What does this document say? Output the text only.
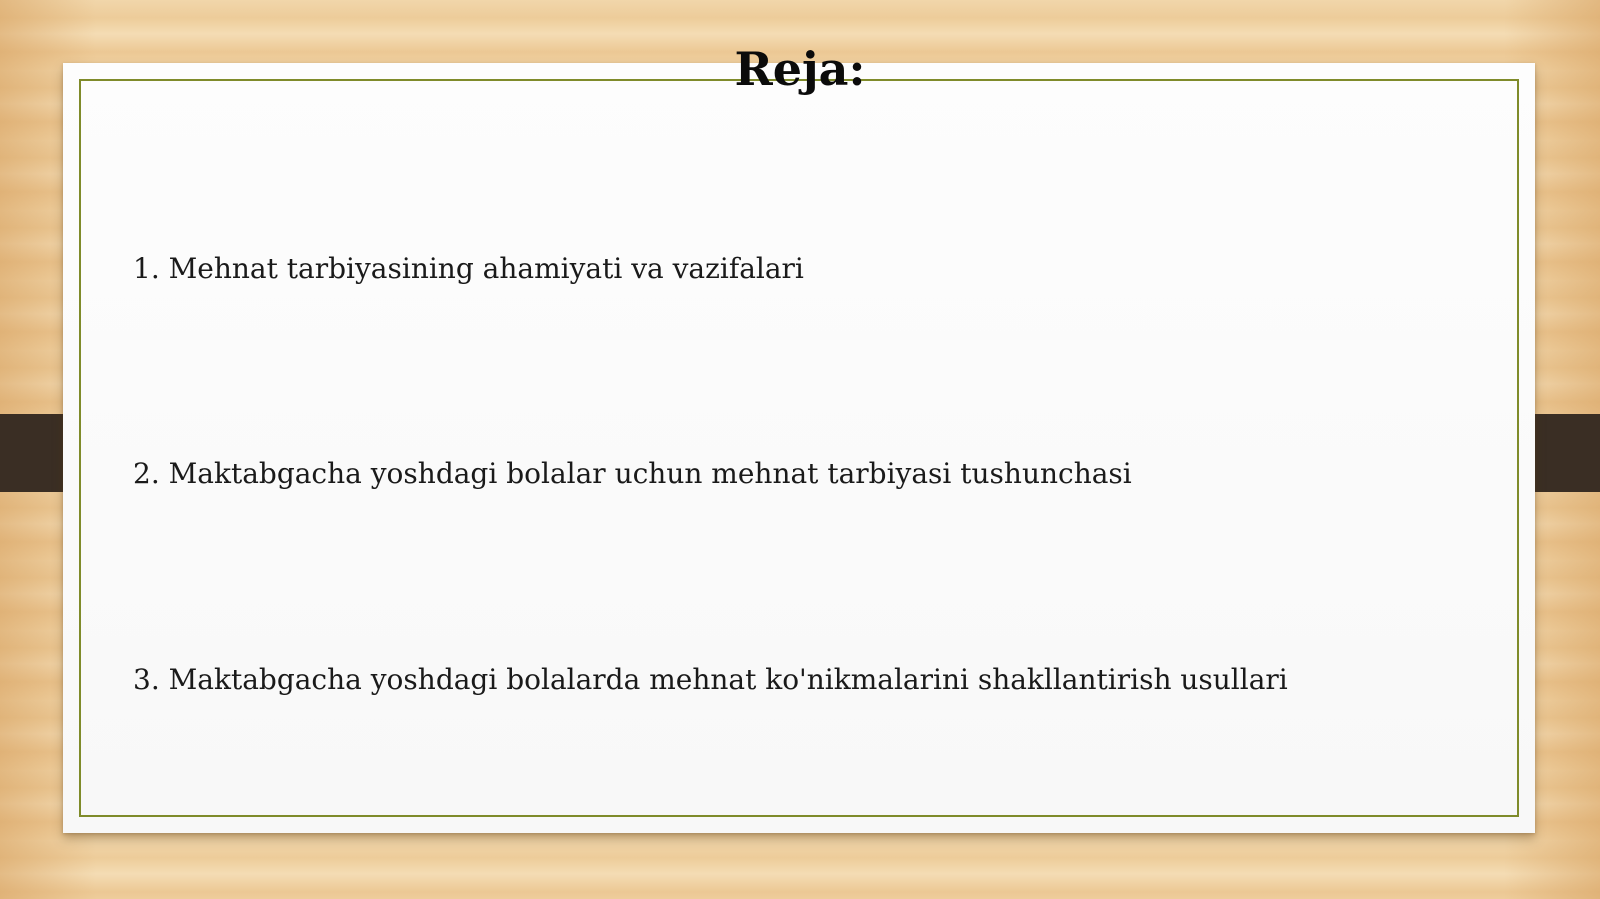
Reja:
1. Mehnat tarbiyasining ahamiyati va vazifalari
2. Maktabgacha yoshdagi bolalar uchun mehnat tarbiyasi tushunchasi
3. Maktabgacha yoshdagi bolalarda mehnat ko'nikmalarini shakllantirish usullari
